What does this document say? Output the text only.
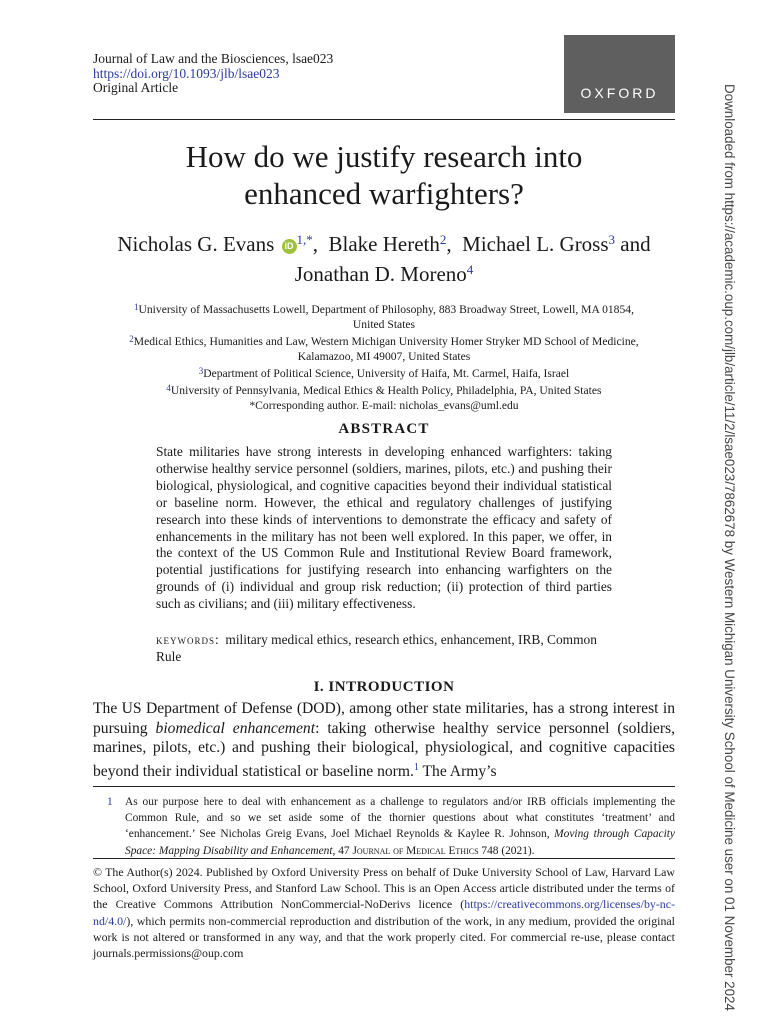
Journal of Law and the Biosciences, lsae023
https://doi.org/10.1093/jlb/lsae023
Original Article	OXFORD
How do we justify research into
enhanced warfighters?
Nicholas G. Evans iD $^{1,*}$,  Blake Hereth$^2$,  Michael L. Gross$^3$ and
Jonathan D. Moreno$^4$
$^1$University of Massachusetts Lowell, Department of Philosophy, 883 Broadway Street, Lowell, MA 01854,
United States
$^2$Medical Ethics, Humanities and Law, Western Michigan University Homer Stryker MD School of Medicine,
Kalamazoo, MI 49007, United States
$^3$Department of Political Science, University of Haifa, Mt. Carmel, Haifa, Israel
$^4$University of Pennsylvania, Medical Ethics & Health Policy, Philadelphia, PA, United States
*Corresponding author. E-mail: nicholas_evans@uml.edu
ABSTRACT

State militaries have strong interests in developing enhanced warfighters: taking otherwise healthy service personnel (soldiers, marines, pilots, etc.) and pushing their biological, physiological, and cognitive capacities beyond their individual statistical or baseline norm. However, the ethical and regulatory challenges of justifying research into these kinds of interventions to demonstrate the efficacy and safety of enhancements in the military has not been well explored. In this paper, we offer, in the context of the US Common Rule and Institutional Review Board framework, potential justifications for justifying research into enhancing warfighters on the grounds of (i) individual and group risk reduction; (ii) protection of third parties such as civilians; and (iii) military effectiveness.

keywords:  military medical ethics, research ethics, enhancement, IRB, Common Rule
I. INTRODUCTION

The US Department of Defense (DOD), among other state militaries, has a strong interest in pursuing biomedical enhancement: taking otherwise healthy service personnel (soldiers, marines, pilots, etc.) and pushing their biological, physiological, and cognitive capacities beyond their individual statistical or baseline norm.$^1$ The Army’s

1 As our purpose here to deal with enhancement as a challenge to regulators and/or IRB officials implementing the Common Rule, and so we set aside some of the thornier questions about what constitutes ‘treatment’ and ‘enhancement.’ See Nicholas Greig Evans, Joel Michael Reynolds & Kaylee R. Johnson, Moving through Capacity Space: Mapping Disability and Enhancement, 47 Journal of Medical Ethics 748 (2021).

© The Author(s) 2024. Published by Oxford University Press on behalf of Duke University School of Law, Harvard Law School, Oxford University Press, and Stanford Law School. This is an Open Access article distributed under the terms of the Creative Commons Attribution NonCommercial-NoDerivs licence (https://creativecommons.org/licenses/by-nc-nd/4.0/), which permits non-commercial reproduction and distribution of the work, in any medium, provided the original work is not altered or transformed in any way, and that the work properly cited. For commercial re-use, please contact journals.permissions@oup.com	Downloaded from https://academic.oup.com/jlb/article/11/2/lsae023/7862678 by Western Michigan University School of Medicine user on 01 November 2024
